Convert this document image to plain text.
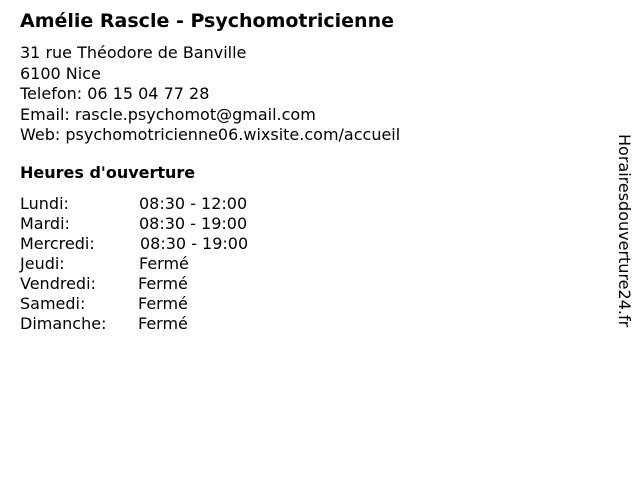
Amélie Rascle - Psychomotricienne
31 rue Théodore de Banville
6100 Nice
Telefon: 06 15 04 77 28
Email: rascle.psychomot@gmail.com
Web: psychomotricienne06.wixsite.com/accueil
Heures d'ouverture
Lundi:	08:30 - 12:00
Mardi:	08:30 - 19:00
Mercredi:	08:30 - 19:00
Jeudi:	Fermé
Vendredi:	Fermé
Samedi:	Fermé
Dimanche: Fermé	Horairesdouverture24.fr
